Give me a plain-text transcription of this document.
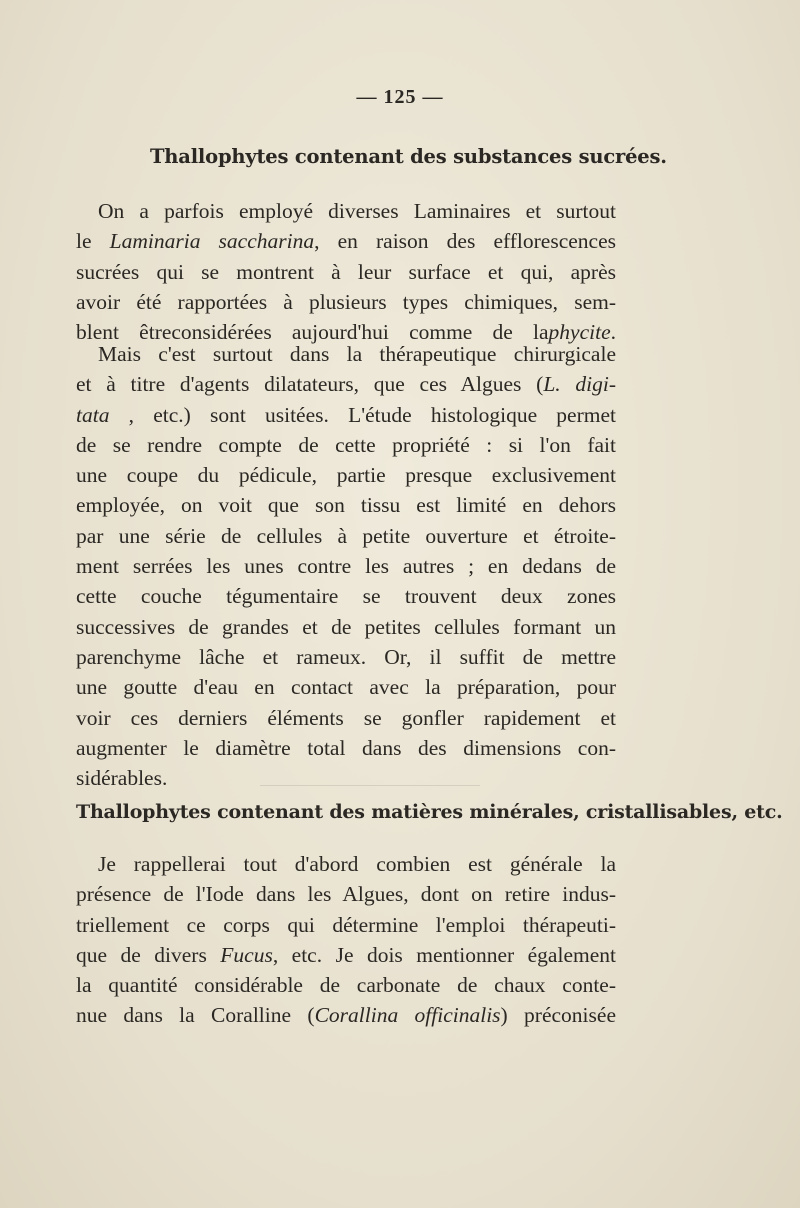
— 125 —
Thallophytes contenant des substances sucrées.
On a parfois employé diverses Laminaires et surtout
le Laminaria saccharina, en raison des efflorescences
sucrées qui se montrent à leur surface et qui, après
avoir été rapportées à plusieurs types chimiques, sem-
blent êtreconsidérées aujourd'hui comme de laphycite.
Mais c'est surtout dans la thérapeutique chirurgicale
et à titre d'agents dilatateurs, que ces Algues (L. digi-
tata , etc.) sont usitées. L'étude histologique permet
de se rendre compte de cette propriété : si l'on fait
une coupe du pédicule, partie presque exclusivement
employée, on voit que son tissu est limité en dehors
par une série de cellules à petite ouverture et étroite-
ment serrées les unes contre les autres ; en dedans de
cette couche tégumentaire se trouvent deux zones
successives de grandes et de petites cellules formant un
parenchyme lâche et rameux. Or, il suffit de mettre
une goutte d'eau en contact avec la préparation, pour
voir ces derniers éléments se gonfler rapidement et
augmenter le diamètre total dans des dimensions con-
sidérables.
Thallophytes contenant des matières minérales, cristallisables, etc.
Je rappellerai tout d'abord combien est générale la
présence de l'Iode dans les Algues, dont on retire indus-
triellement ce corps qui détermine l'emploi thérapeuti-
que de divers Fucus, etc. Je dois mentionner également
la quantité considérable de carbonate de chaux conte-
nue dans la Coralline (Corallina officinalis) préconisée
